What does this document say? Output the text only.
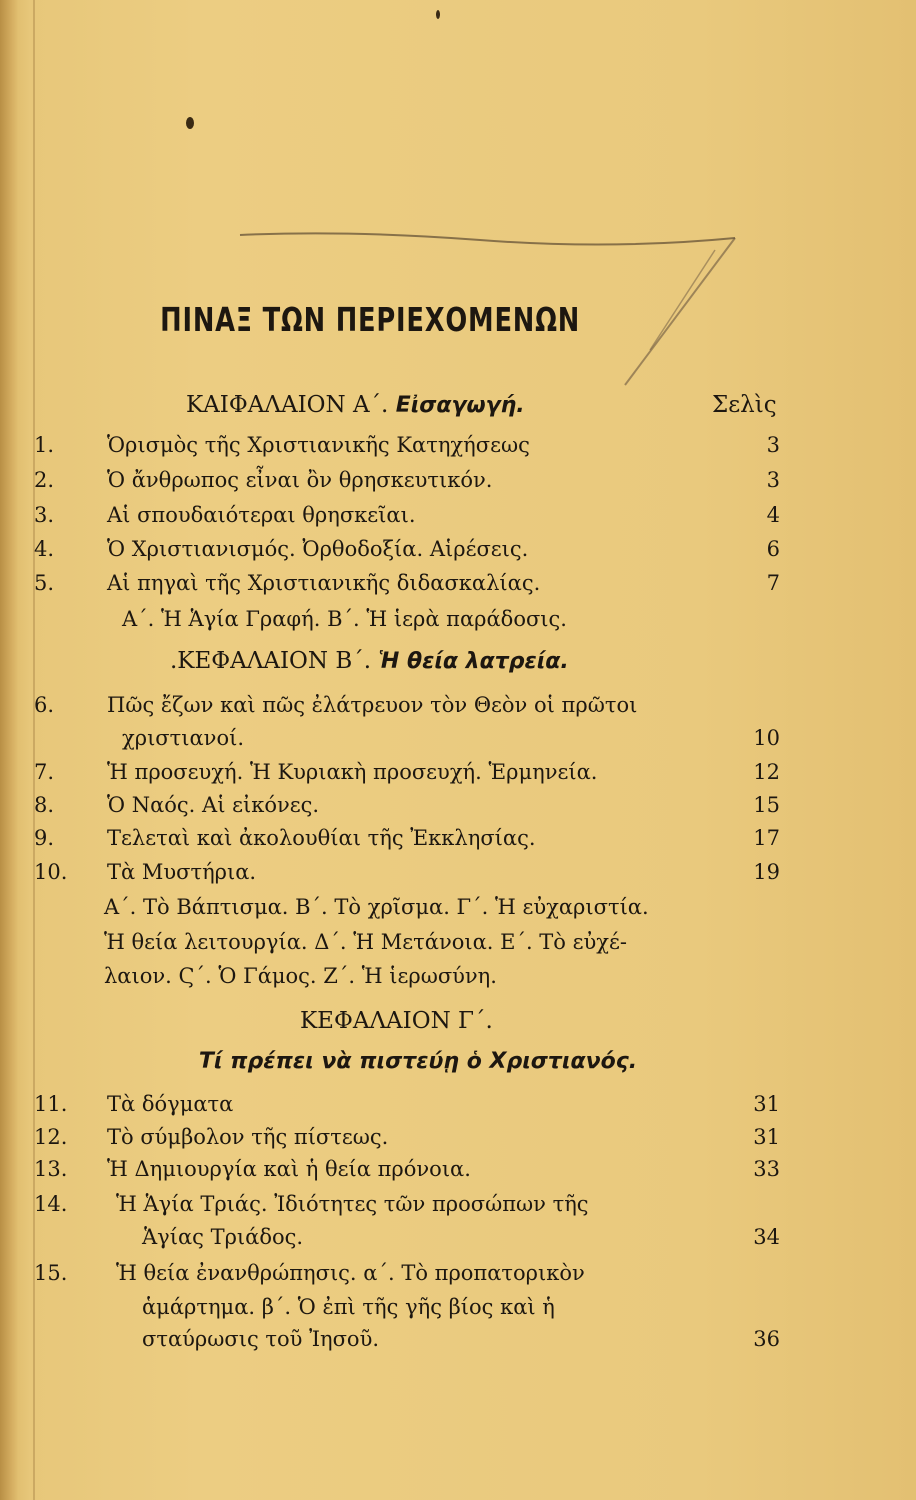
ΠΙΝΑΞ ΤΩΝ ΠΕΡΙΕΧΟΜΕΝΩΝ
ΚΑΙΦΑΛΑΙΟΝ Α΄. Εἰσαγωγή.	Σελὶς
1.	Ὁρισμὸς τῆς Χριστιανικῆς Κατηχήσεως	3
2.	Ὁ ἄνθρωπος εἶναι ὂν θρησκευτικόν.	3
3.	Αἱ σπουδαιότεραι θρησκεῖαι.	4
4.	Ὁ Χριστιανισμός. Ὀρθοδοξία. Αἱρέσεις.	6
5.	Αἱ πηγαὶ τῆς Χριστιανικῆς διδασκαλίας.	7
Α΄. Ἡ Ἁγία Γραφή. Β΄. Ἡ ἱερὰ παράδοσις.
.ΚΕΦΑΛΑΙΟΝ Β΄. Ἡ θεία λατρεία.
6.	Πῶς ἔζων καὶ πῶς ἐλάτρευον τὸν Θεὸν οἱ πρῶτοι
χριστιανοί.	10
7.	Ἡ προσευχή. Ἡ Κυριακὴ προσευχή. Ἑρμηνεία.	12
8.	Ὁ Ναός. Αἱ εἰκόνες.	15
9.	Τελεταὶ καὶ ἀκολουθίαι τῆς Ἐκκλησίας.	17
10. Τὰ Μυστήρια.	19
Α΄. Τὸ Βάπτισμα. Β΄. Τὸ χρῖσμα. Γ΄. Ἡ εὐχαριστία.
Ἡ θεία λειτουργία. Δ΄. Ἡ Μετάνοια. Ε΄. Τὸ εὐχέ-
λαιον. Ϛ΄. Ὁ Γάμος. Ζ΄. Ἡ ἱερωσύνη.
ΚΕΦΑΛΑΙΟΝ Γ΄.
Τί πρέπει νὰ πιστεύῃ ὁ Χριστιανός.
11. Τὰ δόγματα	31
12. Τὸ σύμβολον τῆς πίστεως.	31
13. Ἡ Δημιουργία καὶ ἡ θεία πρόνοια.	33
14. Ἡ Ἁγία Τριάς. Ἰδιότητες τῶν προσώπων τῆς
Ἁγίας Τριάδος.	34
15. Ἡ θεία ἐνανθρώπησις. α΄. Τὸ προπατορικὸν
ἁμάρτημα. β΄. Ὁ ἐπὶ τῆς γῆς βίος καὶ ἡ
σταύρωσις τοῦ Ἰησοῦ.	36
